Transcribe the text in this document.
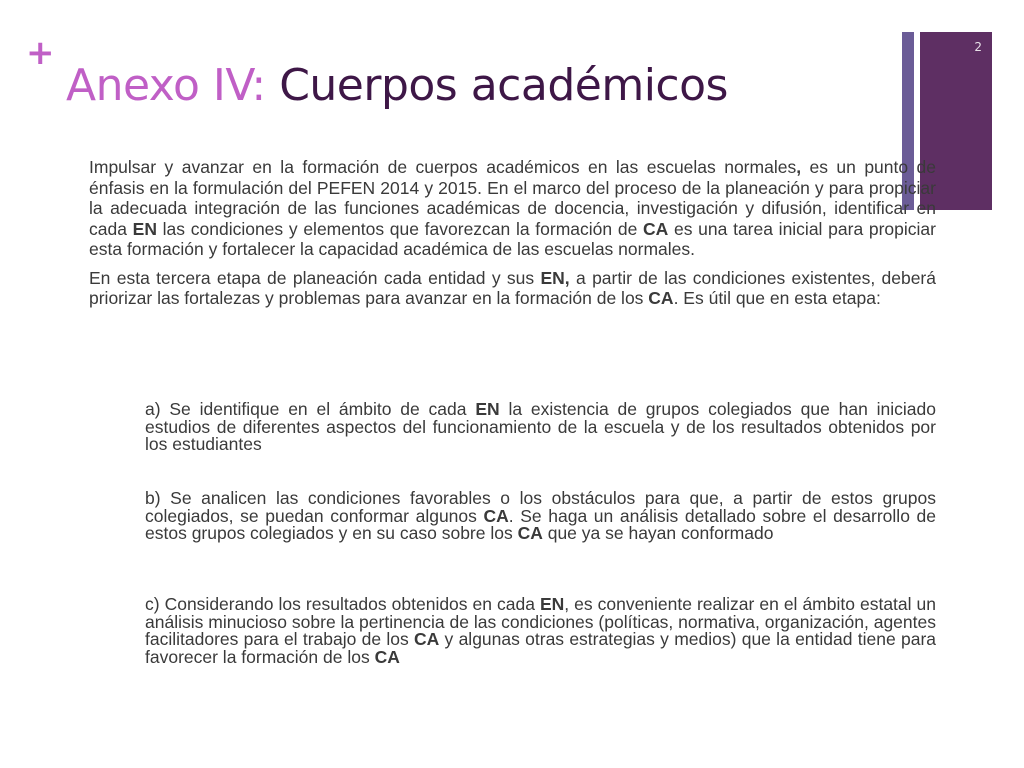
+
Anexo IV: Cuerpos académicos
2

Impulsar y avanzar en la formación de cuerpos académicos en las escuelas normales, es un punto de énfasis en la formulación del PEFEN 2014 y 2015. En el marco del proceso de la planeación y para propiciar la adecuada integración de las funciones académicas de docencia, investigación y difusión, identificar en cada EN las condiciones y elementos que favorezcan la formación de CA es una tarea inicial para propiciar esta formación y fortalecer la capacidad académica de las escuelas normales.

En esta tercera etapa de planeación cada entidad y sus EN, a partir de las condiciones existentes, deberá priorizar las fortalezas y problemas para avanzar en la formación de los CA. Es útil que en esta etapa:

a) Se identifique en el ámbito de cada EN la existencia de grupos colegiados que han iniciado estudios de diferentes aspectos del funcionamiento de la escuela y de los resultados obtenidos por los estudiantes
b) Se analicen las condiciones favorables o los obstáculos para que, a partir de estos grupos colegiados, se puedan conformar algunos CA. Se haga un análisis detallado sobre el desarrollo de estos grupos colegiados y en su caso sobre los CA que ya se hayan conformado
c) Considerando los resultados obtenidos en cada EN, es conveniente realizar en el ámbito estatal un análisis minucioso sobre la pertinencia de las condiciones (políticas, normativa, organización, agentes facilitadores para el trabajo de los CA y algunas otras estrategias y medios) que la entidad tiene para favorecer la formación de los CA
